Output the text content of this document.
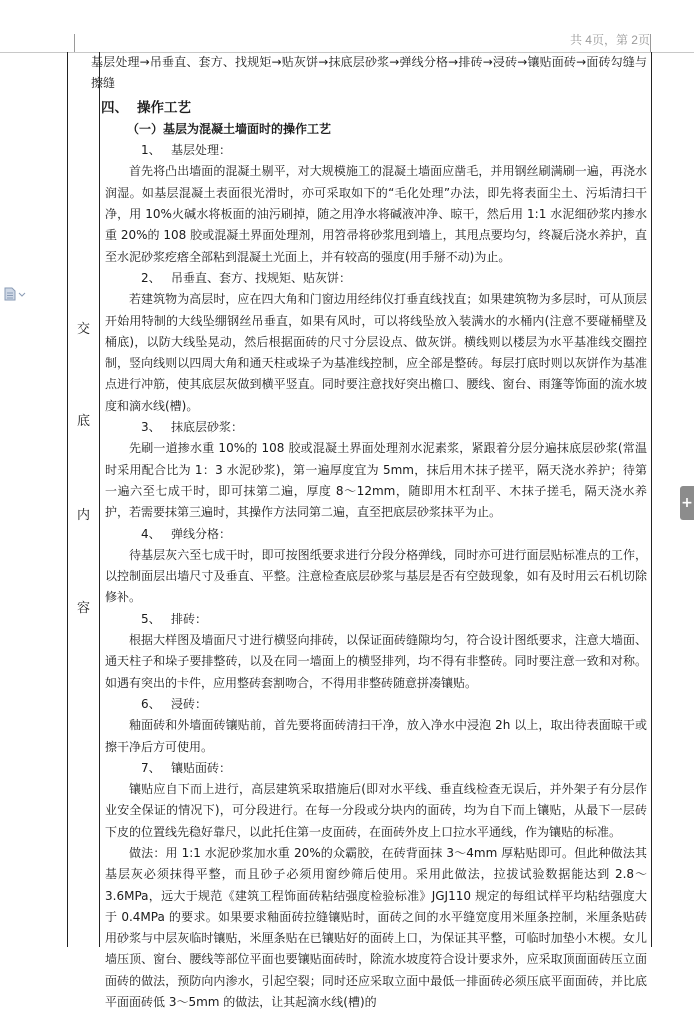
共 4页，第 2页
+
交
底
内
容

基层处理→吊垂直、套方、找规矩→贴灰饼→抹底层砂浆→弹线分格→排砖→浸砖→镶贴面砖→面砖勾缝与擦缝

四、 操作工艺

（一）基层为混凝土墙面时的操作工艺

1、 基层处理：

首先将凸出墙面的混凝土剔平，对大规模施工的混凝土墙面应凿毛，并用钢丝刷满刷一遍，再浇水润湿。如基层混凝土表面很光滑时，亦可采取如下的“毛化处理”办法，即先将表面尘土、污垢清扫干净，用 10%火碱水将板面的油污刷掉，随之用净水将碱液冲净、晾干，然后用 1:1 水泥细砂浆内掺水重 20%的 108 胶或混凝土界面处理剂，用笤帚将砂浆甩到墙上，其甩点要均匀，终凝后浇水养护，直至水泥砂浆疙瘩全部粘到混凝土光面上，并有较高的强度(用手掰不动)为止。

2、 吊垂直、套方、找规矩、贴灰饼：

若建筑物为高层时，应在四大角和门窗边用经纬仪打垂直线找直；如果建筑物为多层时，可从顶层开始用特制的大线坠绷钢丝吊垂直，如果有风时，可以将线坠放入装满水的水桶内(注意不要碰桶壁及桶底)，以防大线坠晃动，然后根据面砖的尺寸分层设点、做灰饼。横线则以楼层为水平基准线交圈控制，竖向线则以四周大角和通天柱或垛子为基准线控制，应全部是整砖。每层打底时则以灰饼作为基准点进行冲筋，使其底层灰做到横平竖直。同时要注意找好突出檐口、腰线、窗台、雨篷等饰面的流水坡度和滴水线(槽)。

3、 抹底层砂浆：

先刷一道掺水重 10%的 108 胶或混凝土界面处理剂水泥素浆，紧跟着分层分遍抹底层砂浆(常温时采用配合比为 1：3 水泥砂浆)，第一遍厚度宜为 5mm，抹后用木抹子搓平，隔天浇水养护；待第一遍六至七成干时，即可抹第二遍，厚度 8～12mm，随即用木杠刮平、木抹子搓毛，隔天浇水养护，若需要抹第三遍时，其操作方法同第二遍，直至把底层砂浆抹平为止。

4、 弹线分格：

待基层灰六至七成干时，即可按图纸要求进行分段分格弹线，同时亦可进行面层贴标准点的工作，以控制面层出墙尺寸及垂直、平整。注意检查底层砂浆与基层是否有空鼓现象，如有及时用云石机切除修补。

5、 排砖：

根据大样图及墙面尺寸进行横竖向排砖，以保证面砖缝隙均匀，符合设计图纸要求，注意大墙面、通天柱子和垛子要排整砖，以及在同一墙面上的横竖排列，均不得有非整砖。同时要注意一致和对称。如遇有突出的卡件，应用整砖套割吻合，不得用非整砖随意拼凑镶贴。

6、 浸砖：

釉面砖和外墙面砖镶贴前，首先要将面砖清扫干净，放入净水中浸泡 2h 以上，取出待表面晾干或擦干净后方可使用。

7、 镶贴面砖：

镶贴应自下而上进行，高层建筑采取措施后(即对水平线、垂直线检查无误后，并外架子有分层作业安全保证的情况下)，可分段进行。在每一分段或分块内的面砖，均为自下而上镶贴，从最下一层砖下皮的位置线先稳好靠尺，以此托住第一皮面砖，在面砖外皮上口拉水平通线，作为镶贴的标准。

做法：用 1:1 水泥砂浆加水重 20%的众霸胶，在砖背面抹 3～4mm 厚粘贴即可。但此种做法其基层灰必须抹得平整，而且砂子必须用窗纱筛后使用。采用此做法，拉拔试验数据能达到 2.8～3.6MPa，远大于规范《建筑工程饰面砖粘结强度检验标准》JGJ110 规定的每组试样平均粘结强度大于 0.4MPa 的要求。如果要求釉面砖拉缝镶贴时，面砖之间的水平缝宽度用米厘条控制，米厘条贴砖用砂浆与中层灰临时镶贴，米厘条贴在已镶贴好的面砖上口，为保证其平整，可临时加垫小木楔。女儿墙压顶、窗台、腰线等部位平面也要镶贴面砖时，除流水坡度符合设计要求外，应采取顶面面砖压立面面砖的做法，预防向内渗水，引起空裂；同时还应采取立面中最低一排面砖必须压底平面面砖，并比底平面面砖低 3～5mm 的做法，让其起滴水线(槽)的
